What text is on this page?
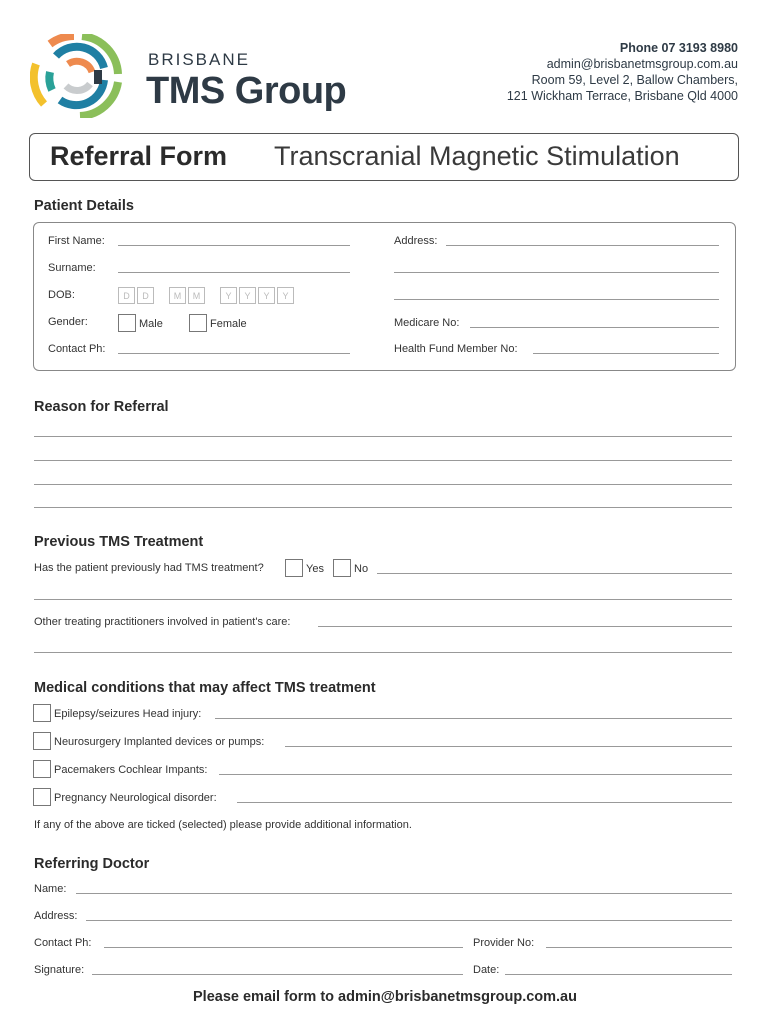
BRISBANE
TMS Group
Phone 07 3193 8980
admin@brisbanetmsgroup.com.au
Room 59, Level 2, Ballow Chambers,
121 Wickham Terrace, Brisbane Qld 4000
Referral Form Transcranial Magnetic Stimulation
Patient Details
First Name:
Surname:
DOB:	D	D	M	M	Y	Y	Y	Y
Gender:	Male	Female
Contact Ph:
Address:
Medicare No:
Health Fund Member No:
Reason for Referral
Previous TMS Treatment
Has the patient previously had TMS treatment?	Yes	No
Other treating practitioners involved in patient's care:
Medical conditions that may affect TMS treatment
Epilepsy/seizures Head injury:
Neurosurgery Implanted devices or pumps:
Pacemakers Cochlear Impants:
Pregnancy Neurological disorder:
If any of the above are ticked (selected) please provide additional information.
Referring Doctor
Name:
Address:
Contact Ph:	Provider No:
Signature:	Date:
Please email form to admin@brisbanetmsgroup.com.au
